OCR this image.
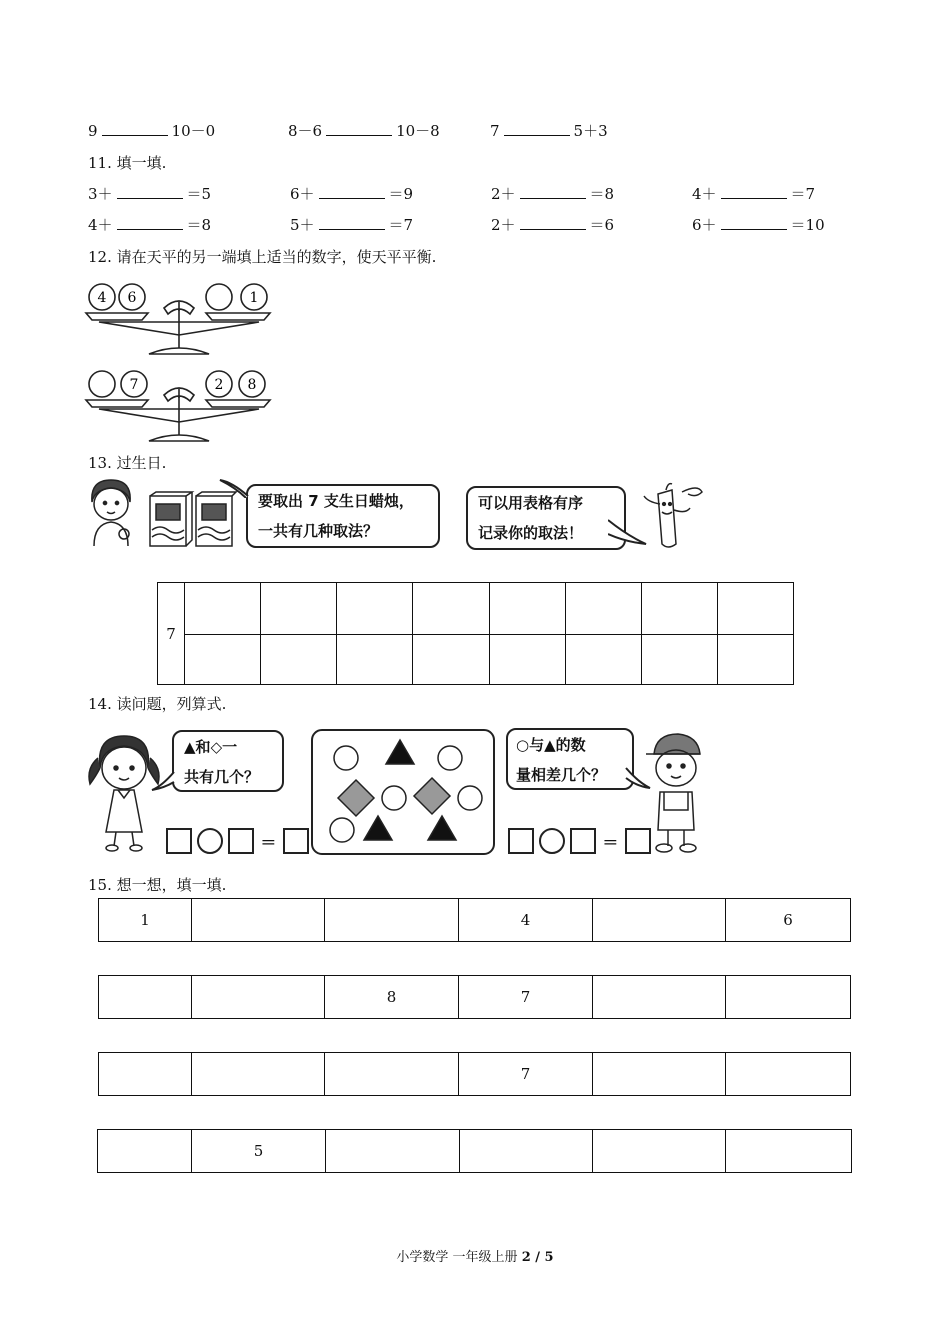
9	10－0	8－6	10－8	7	5＋3
11. 填一填.
3＋	＝5	6＋	＝9	2＋	＝8	4＋	＝7
4＋	＝8	5＋	＝7	2＋	＝6	6＋	＝10
12. 请在天平的另一端填上适当的数字，使天平平衡.
4 6	1
7	2 8
13. 过生日.
要取出 7 支生日蜡烛，
一共有几种取法？
可以用表格有序
记录你的取法！
7								

14. 读问题，列算式.
▲和◇一
共有几个？
＝
○与▲的数
量相差几个？
＝
15. 想一想，填一填.
1			4		6
		8	7		
			7		
	5				
小学数学 一年级上册 2 / 5
